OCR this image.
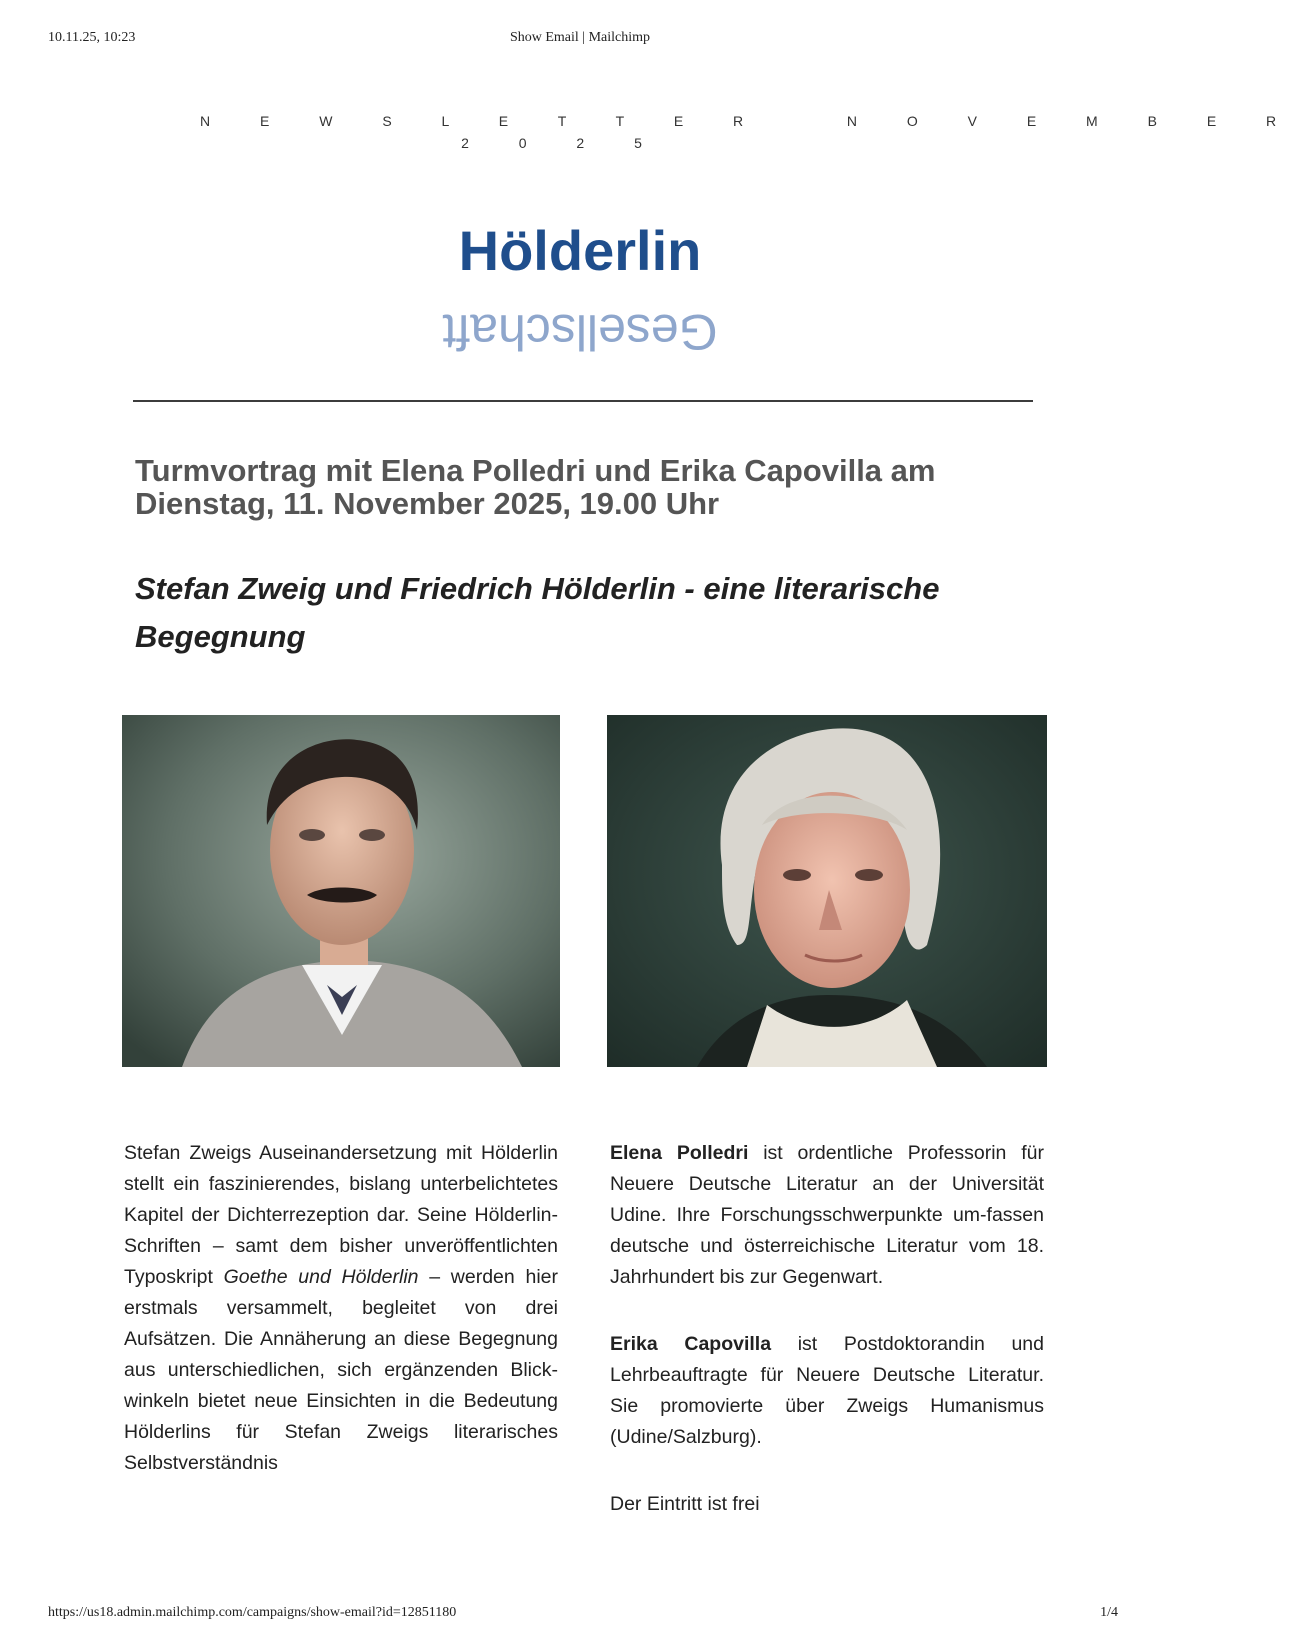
10.11.25, 10:23	Show Email | Mailchimp
N E W S L E T T E R   N O V E M B E R
2 0 2 5
Hölderlin
Gesellschaft
Turmvortrag mit Elena Polledri und Erika Capovilla am Dienstag, 11. November 2025, 19.00 Uhr
Stefan Zweig und Friedrich Hölderlin - eine literarische Begegnung

Stefan Zweigs Auseinandersetzung mit Hölderlin stellt ein faszinierendes, bislang unterbelichtetes Kapitel der Dichterrezeption dar. Seine Hölderlin-Schriften – samt dem bisher unveröffentlichten Typoskript Goethe und Hölderlin – werden hier erstmals versammelt, begleitet von drei Aufsätzen. Die Annäherung an diese Begegnung aus unterschiedlichen, sich ergänzenden Blick-winkeln bietet neue Einsichten in die Bedeutung Hölderlins für Stefan Zweigs literarisches Selbstverständnis

Elena Polledri ist ordentliche Professorin für Neuere Deutsche Literatur an der Universität Udine. Ihre Forschungsschwerpunkte um-fassen deutsche und österreichische Literatur vom 18. Jahrhundert bis zur Gegenwart.

Erika Capovilla ist Postdoktorandin und Lehrbeauftragte für Neuere Deutsche Literatur. Sie promovierte über Zweigs Humanismus (Udine/Salzburg).

Der Eintritt ist frei

https://us18.admin.mailchimp.com/campaigns/show-email?id=12851180	1/4
